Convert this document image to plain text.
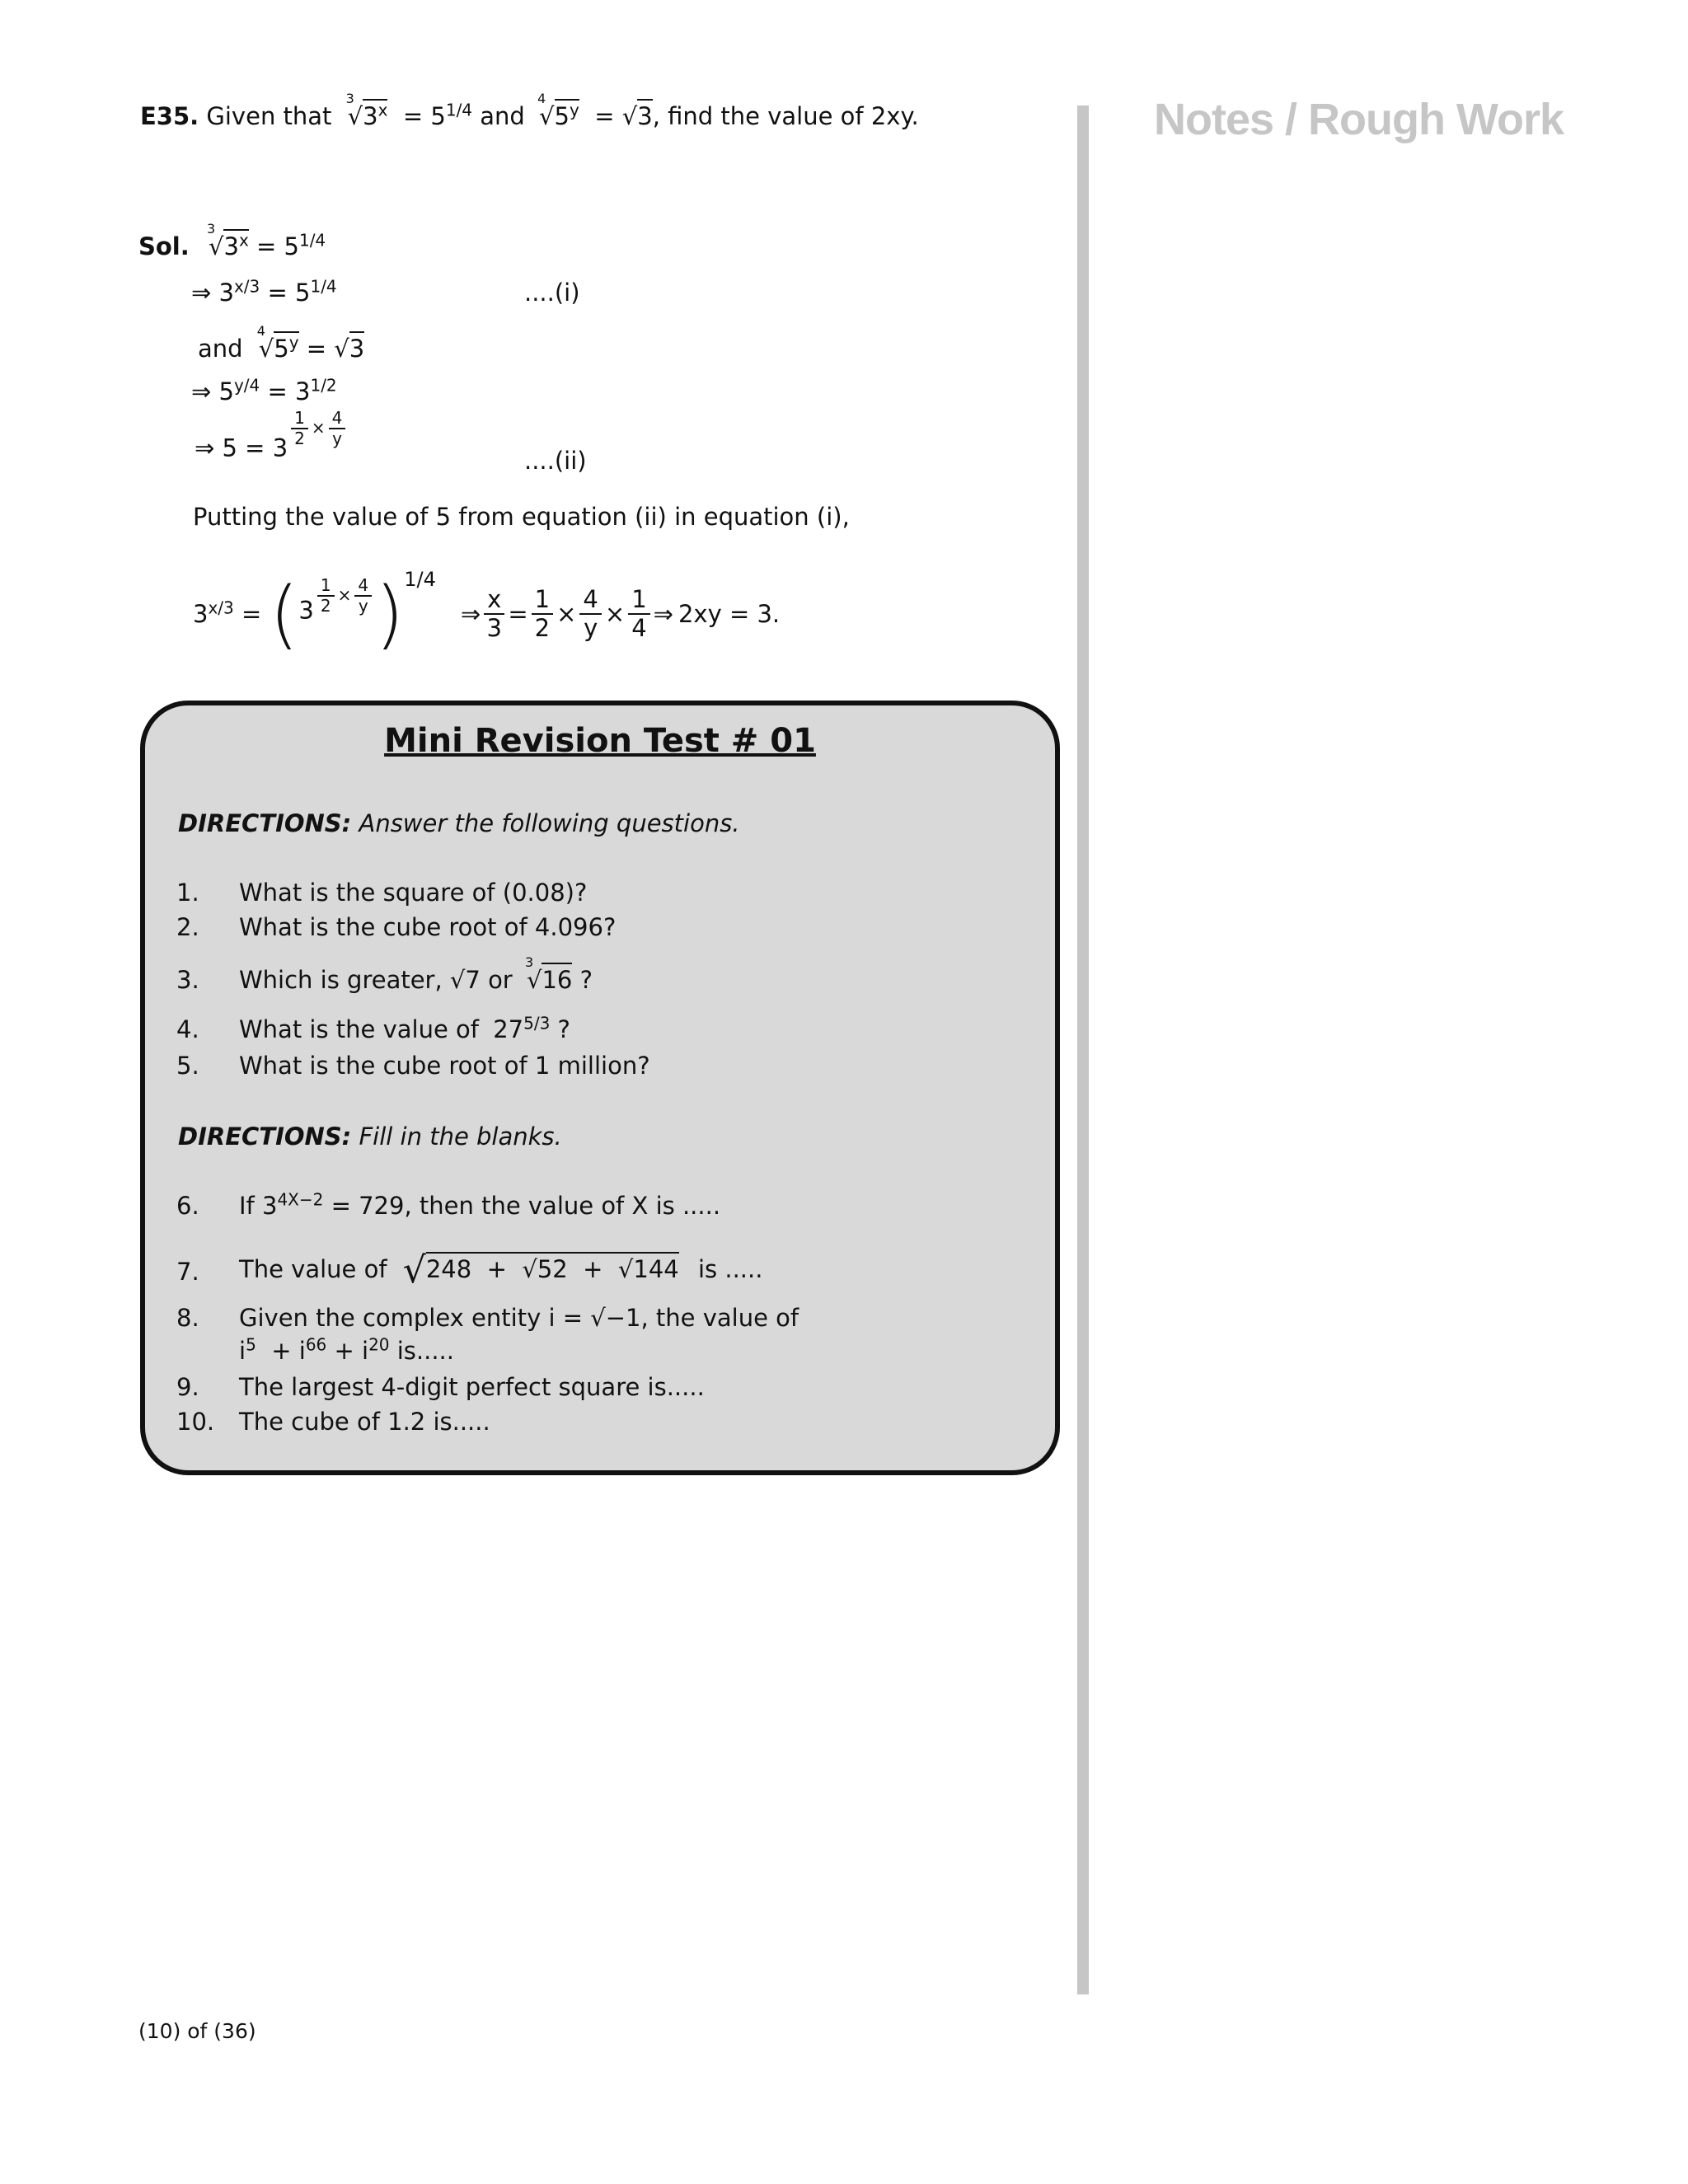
Notes / Rough Work
E35. Given that
3
$√3^x = 5^{1/4}$ and
4
√5$^y$  = √3, find the value of 2xy.
Sol.
3
$√3^x = 5^{1/4}$
⇒ $3^{x/3} = 5^{1/4}$	....(i)
and
4
$√5^y = √3$
⇒ $5^{y/4} = 3^{1/2}$
⇒ 5 = 3 $^{\frac{1}{2} \times \frac{4}{y}}$
....(ii)
Putting the value of 5 from equation (ii) in equation (i),
$3^{x/3}$ = ( 3 $^{\frac{1}{2} \times \frac{4}{y}}$ ) 1/4
⇒ $\frac{x}{3} = \frac{1}{2} \times \frac{4}{y} \times \frac{1}{4}$ ⇒ 2xy = 3.
Mini Revision Test # 01
DIRECTIONS: Answer the following questions.
1. What is the square of (0.08)?
2. What is the cube root of 4.096?
3. Which is greater, √7 or
3
√16 ?
4. What is the value of $27^{5/3}$ ?
5. What is the cube root of 1 million?
DIRECTIONS: Fill in the blanks.
6. If $3^{4X-2} = 729$, then the value of X is .....
7. The value of √248  +  √52  +  √144 is .....
8. Given the complex entity i = √−1, the value of
$i^5 + i^{66} + i^{20}$ is.....
9. The largest 4-digit perfect square is.....
10. The cube of 1.2 is.....
(10) of (36)
